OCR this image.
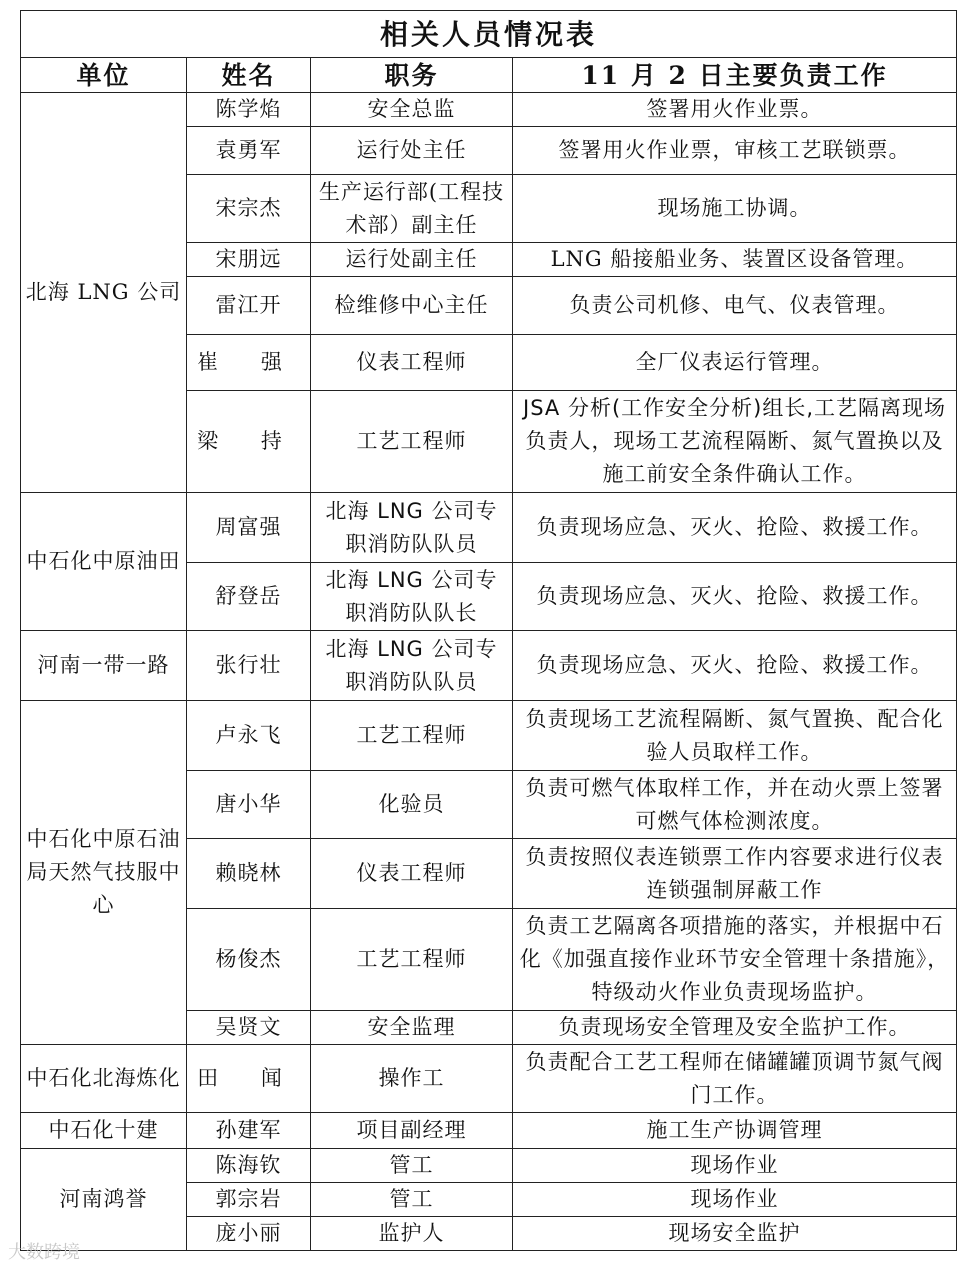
相关人员情况表			
单位	姓名	职务	11 月 2 日主要负责工作
北海 LNG 公司	陈学焰	安全总监	签署用火作业票。
	袁勇军	运行处主任	签署用火作业票，审核工艺联锁票。
	宋宗杰	生产运行部(工程技术部）副主任	现场施工协调。
	宋朋远	运行处副主任	LNG 船接船业务、装置区设备管理。
	雷江开	检维修中心主任	负责公司机修、电气、仪表管理。
	崔 强	仪表工程师	全厂仪表运行管理。
	梁 持	工艺工程师	JSA 分析(工作安全分析)组长,工艺隔离现场负责人，现场工艺流程隔断、氮气置换以及施工前安全条件确认工作。
中石化中原油田	周富强	北海 LNG 公司专职消防队队员	负责现场应急、灭火、抢险、救援工作。
	舒登岳	北海 LNG 公司专职消防队队长	负责现场应急、灭火、抢险、救援工作。
河南一带一路	张行壮	北海 LNG 公司专职消防队队员	负责现场应急、灭火、抢险、救援工作。
中石化中原石油局天然气技服中心	卢永飞	工艺工程师	负责现场工艺流程隔断、氮气置换、配合化验人员取样工作。
	唐小华	化验员	负责可燃气体取样工作，并在动火票上签署可燃气体检测浓度。
	赖晓林	仪表工程师	负责按照仪表连锁票工作内容要求进行仪表连锁强制屏蔽工作
	杨俊杰	工艺工程师	负责工艺隔离各项措施的落实，并根据中石化《加强直接作业环节安全管理十条措施》，特级动火作业负责现场监护。
	吴贤文	安全监理	负责现场安全管理及安全监护工作。
中石化北海炼化	田 闻	操作工	负责配合工艺工程师在储罐罐顶调节氮气阀门工作。
中石化十建	孙建军	项目副经理	施工生产协调管理
河南鸿誉	陈海钦	管工	现场作业
	郭宗岩	管工	现场作业
	庞小丽	监护人	现场安全监护
大数跨境
